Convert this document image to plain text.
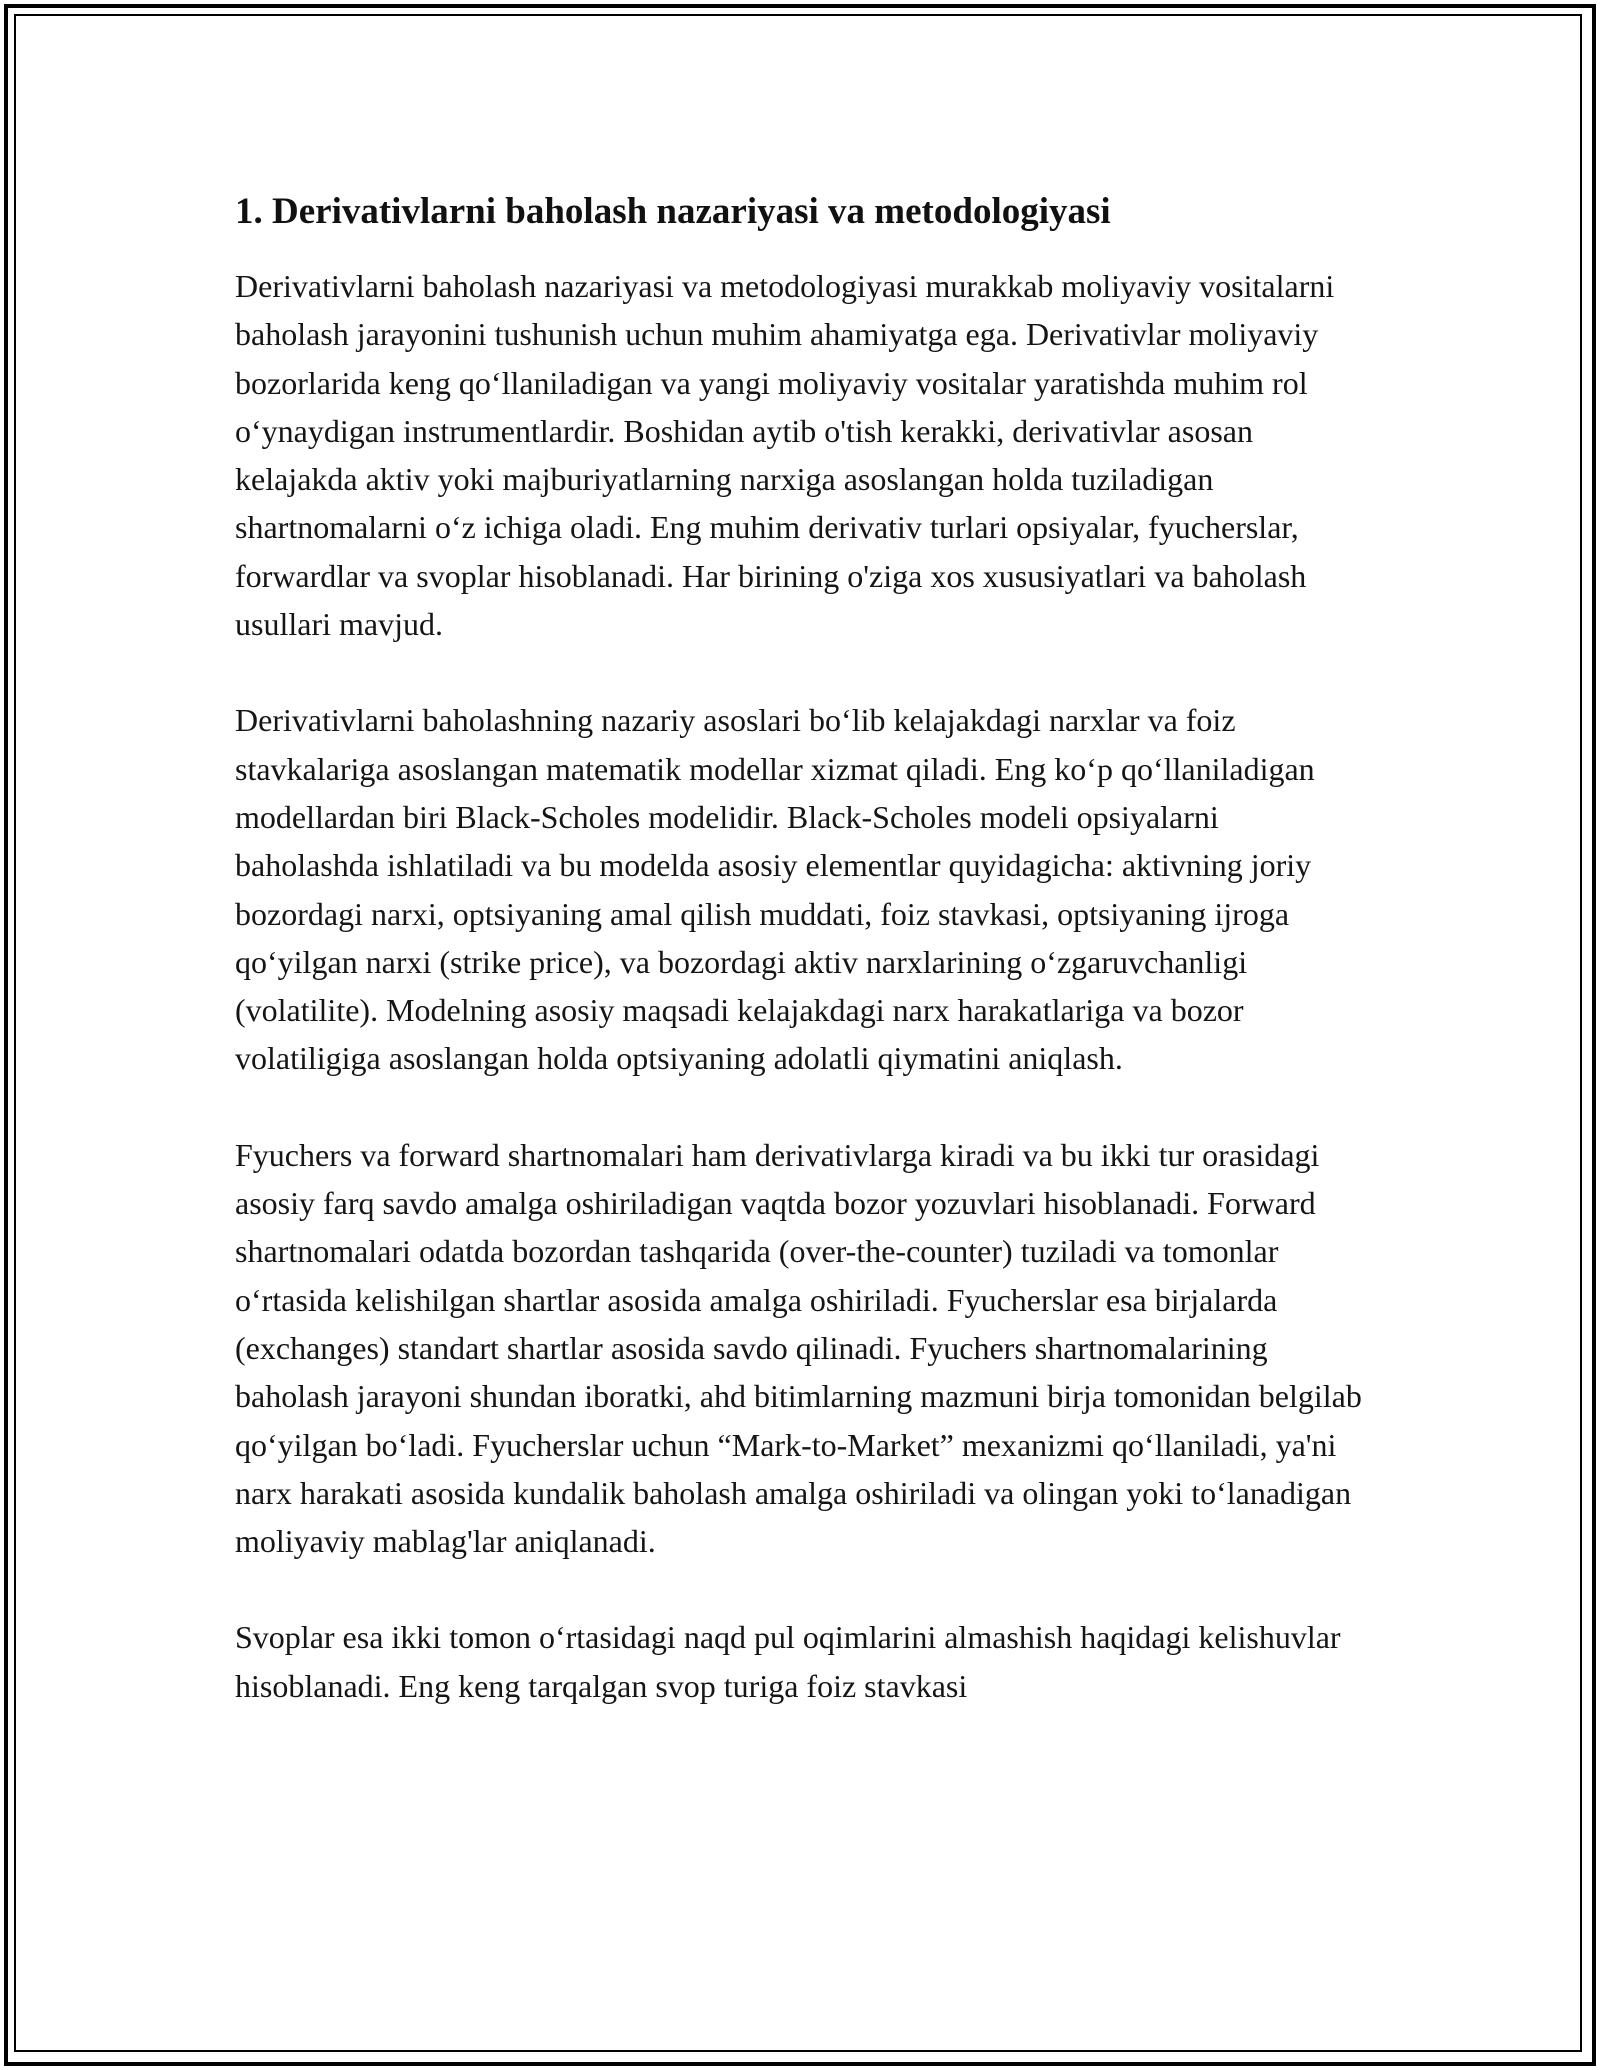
1. Derivativlarni baholash nazariyasi va metodologiyasi

Derivativlarni baholash nazariyasi va metodologiyasi murakkab moliyaviy vositalarni baholash jarayonini tushunish uchun muhim ahamiyatga ega. Derivativlar moliyaviy bozorlarida keng qo‘llaniladigan va yangi moliyaviy vositalar yaratishda muhim rol o‘ynaydigan instrumentlardir. Boshidan aytib o'tish kerakki, derivativlar asosan kelajakda aktiv yoki majburiyatlarning narxiga asoslangan holda tuziladigan shartnomalarni o‘z ichiga oladi. Eng muhim derivativ turlari opsiyalar, fyucherslar, forwardlar va svoplar hisoblanadi. Har birining o'ziga xos xususiyatlari va baholash usullari mavjud.

Derivativlarni baholashning nazariy asoslari bo‘lib kelajakdagi narxlar va foiz stavkalariga asoslangan matematik modellar xizmat qiladi. Eng ko‘p qo‘llaniladigan modellardan biri Black-Scholes modelidir. Black-Scholes modeli opsiyalarni baholashda ishlatiladi va bu modelda asosiy elementlar quyidagicha: aktivning joriy bozordagi narxi, optsiyaning amal qilish muddati, foiz stavkasi, optsiyaning ijroga qo‘yilgan narxi (strike price), va bozordagi aktiv narxlarining o‘zgaruvchanligi (volatilite). Modelning asosiy maqsadi kelajakdagi narx harakatlariga va bozor volatiligiga asoslangan holda optsiyaning adolatli qiymatini aniqlash.

Fyuchers va forward shartnomalari ham derivativlarga kiradi va bu ikki tur orasidagi asosiy farq savdo amalga oshiriladigan vaqtda bozor yozuvlari hisoblanadi. Forward shartnomalari odatda bozordan tashqarida (over-the-counter) tuziladi va tomonlar o‘rtasida kelishilgan shartlar asosida amalga oshiriladi. Fyucherslar esa birjalarda (exchanges) standart shartlar asosida savdo qilinadi. Fyuchers shartnomalarining baholash jarayoni shundan iboratki, ahd bitimlarning mazmuni birja tomonidan belgilab qo‘yilgan bo‘ladi. Fyucherslar uchun “Mark-to-Market” mexanizmi qo‘llaniladi, ya'ni narx harakati asosida kundalik baholash amalga oshiriladi va olingan yoki to‘lanadigan moliyaviy mablag'lar aniqlanadi.

Svoplar esa ikki tomon o‘rtasidagi naqd pul oqimlarini almashish haqidagi kelishuvlar hisoblanadi. Eng keng tarqalgan svop turiga foiz stavkasi
